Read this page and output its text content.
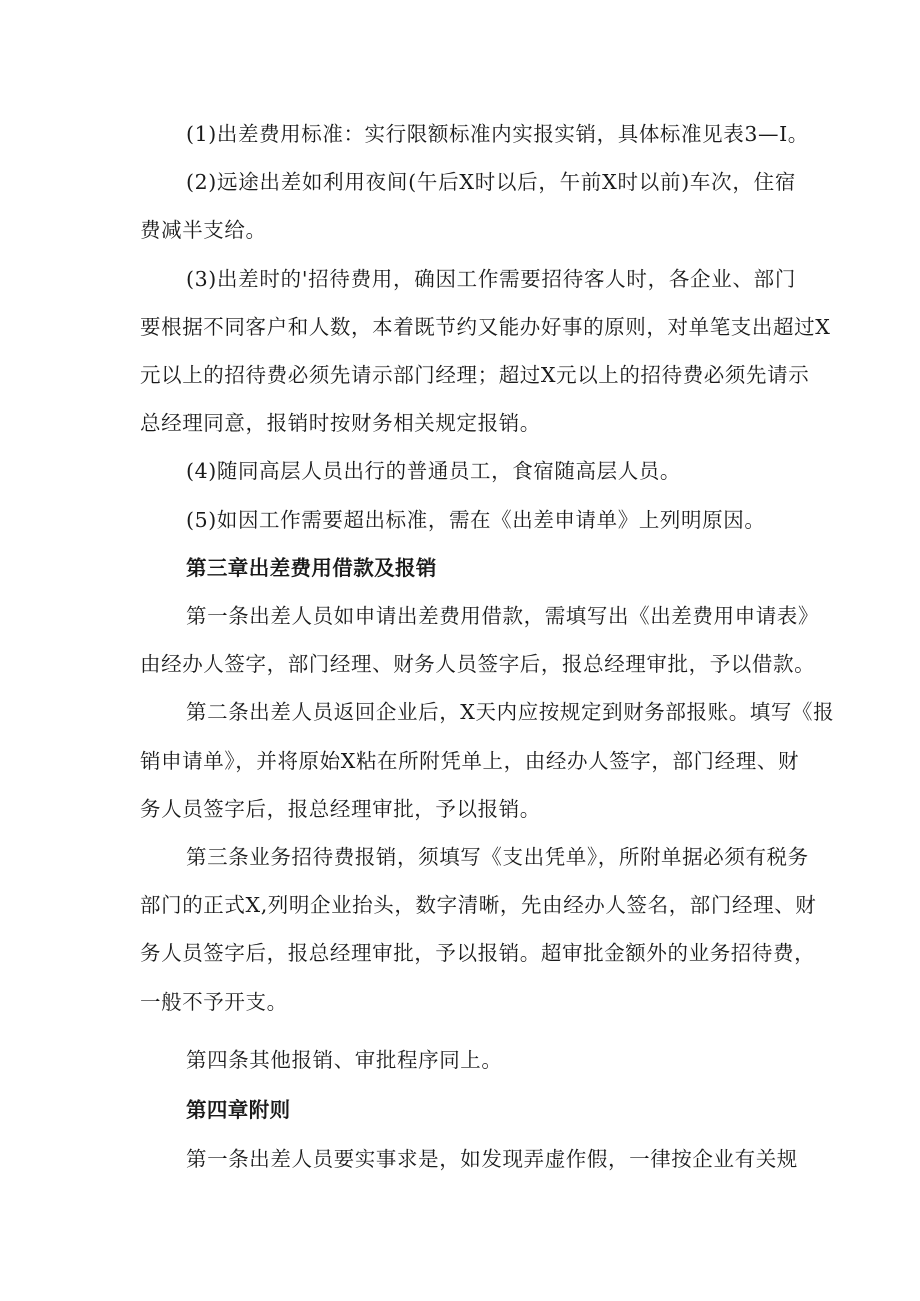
(1)出差费用标准：实行限额标准内实报实销，具体标准见表3—I。
(2)远途出差如利用夜间(午后X时以后，午前X时以前)车次，住宿
费减半支给。
(3)出差时的'招待费用，确因工作需要招待客人时，各企业、部门
要根据不同客户和人数，本着既节约又能办好事的原则，对单笔支出超过X
元以上的招待费必须先请示部门经理；超过X元以上的招待费必须先请示
总经理同意，报销时按财务相关规定报销。
(4)随同高层人员出行的普通员工，食宿随高层人员。
(5)如因工作需要超出标准，需在《出差申请单》上列明原因。
第三章出差费用借款及报销
第一条出差人员如申请出差费用借款，需填写出《出差费用申请表》
由经办人签字，部门经理、财务人员签字后，报总经理审批，予以借款。
第二条出差人员返回企业后，X天内应按规定到财务部报账。填写《报
销申请单》，并将原始X粘在所附凭单上，由经办人签字，部门经理、财
务人员签字后，报总经理审批，予以报销。
第三条业务招待费报销，须填写《支出凭单》，所附单据必须有税务
部门的正式X,列明企业抬头，数字清晰，先由经办人签名，部门经理、财
务人员签字后，报总经理审批，予以报销。超审批金额外的业务招待费，
一般不予开支。
第四条其他报销、审批程序同上。
第四章附则
第一条出差人员要实事求是，如发现弄虚作假，一律按企业有关规
